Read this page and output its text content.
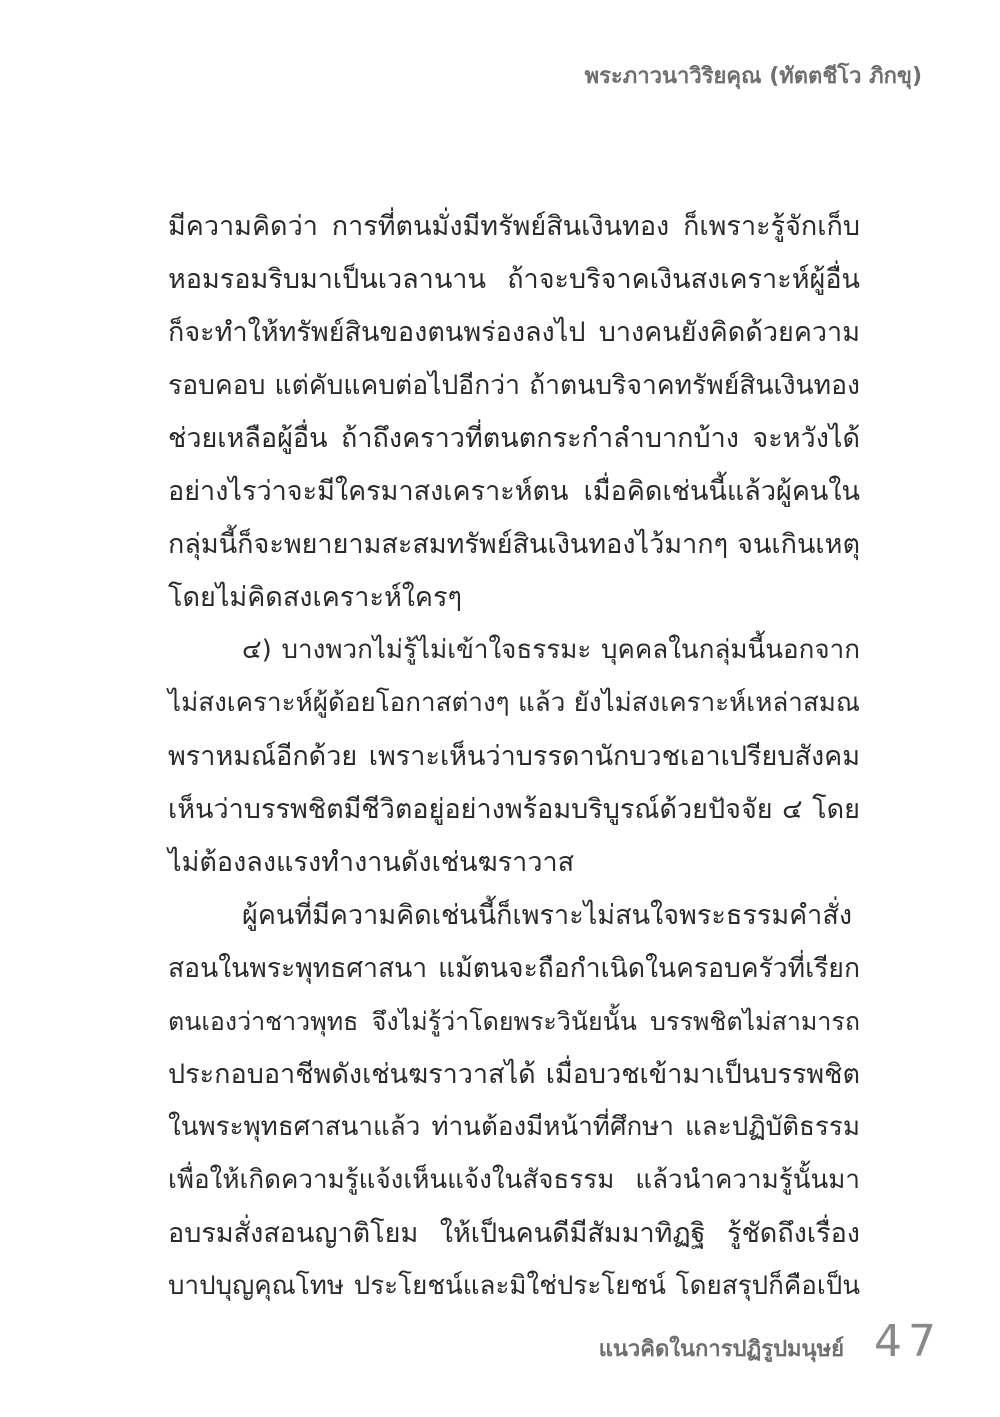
พระภาวนาวิริยคุณ (ทัตตชีโว ภิกขุ)
มีความคิดว่า การที่ตนมั่งมีทรัพย์สินเงินทอง ก็เพราะรู้จักเก็บ
หอมรอมริบมาเป็นเวลานาน ถ้าจะบริจาคเงินสงเคราะห์ผู้อื่น
ก็จะทำให้ทรัพย์สินของตนพร่องลงไป บางคนยังคิดด้วยความ
รอบคอบ แต่คับแคบต่อไปอีกว่า ถ้าตนบริจาคทรัพย์สินเงินทอง
ช่วยเหลือผู้อื่น ถ้าถึงคราวที่ตนตกระกำลำบากบ้าง จะหวังได้
อย่างไรว่าจะมีใครมาสงเคราะห์ตน เมื่อคิดเช่นนี้แล้วผู้คนใน
กลุ่มนี้ก็จะพยายามสะสมทรัพย์สินเงินทองไว้มากๆ จนเกินเหตุ
โดยไม่คิดสงเคราะห์ใครๆ
๔) บางพวกไม่รู้ไม่เข้าใจธรรมะ บุคคลในกลุ่มนี้นอกจาก
ไม่สงเคราะห์ผู้ด้อยโอกาสต่างๆ แล้ว ยังไม่สงเคราะห์เหล่าสมณ
พราหมณ์อีกด้วย เพราะเห็นว่าบรรดานักบวชเอาเปรียบสังคม
เห็นว่าบรรพชิตมีชีวิตอยู่อย่างพร้อมบริบูรณ์ด้วยปัจจัย ๔ โดย
ไม่ต้องลงแรงทำงานดังเช่นฆราวาส
ผู้คนที่มีความคิดเช่นนี้ก็เพราะไม่สนใจพระธรรมคำสั่ง
สอนในพระพุทธศาสนา แม้ตนจะถือกำเนิดในครอบครัวที่เรียก
ตนเองว่าชาวพุทธ จึงไม่รู้ว่าโดยพระวินัยนั้น บรรพชิตไม่สามารถ
ประกอบอาชีพดังเช่นฆราวาสได้ เมื่อบวชเข้ามาเป็นบรรพชิต
ในพระพุทธศาสนาแล้ว ท่านต้องมีหน้าที่ศึกษา และปฏิบัติธรรม
เพื่อให้เกิดความรู้แจ้งเห็นแจ้งในสัจธรรม แล้วนำความรู้นั้นมา
อบรมสั่งสอนญาติโยม ให้เป็นคนดีมีสัมมาทิฏฐิ รู้ชัดถึงเรื่อง
บาปบุญคุณโทษ ประโยชน์และมิใช่ประโยชน์ โดยสรุปก็คือเป็น
แนวคิดในการปฏิรูปมนุษย์ 47
